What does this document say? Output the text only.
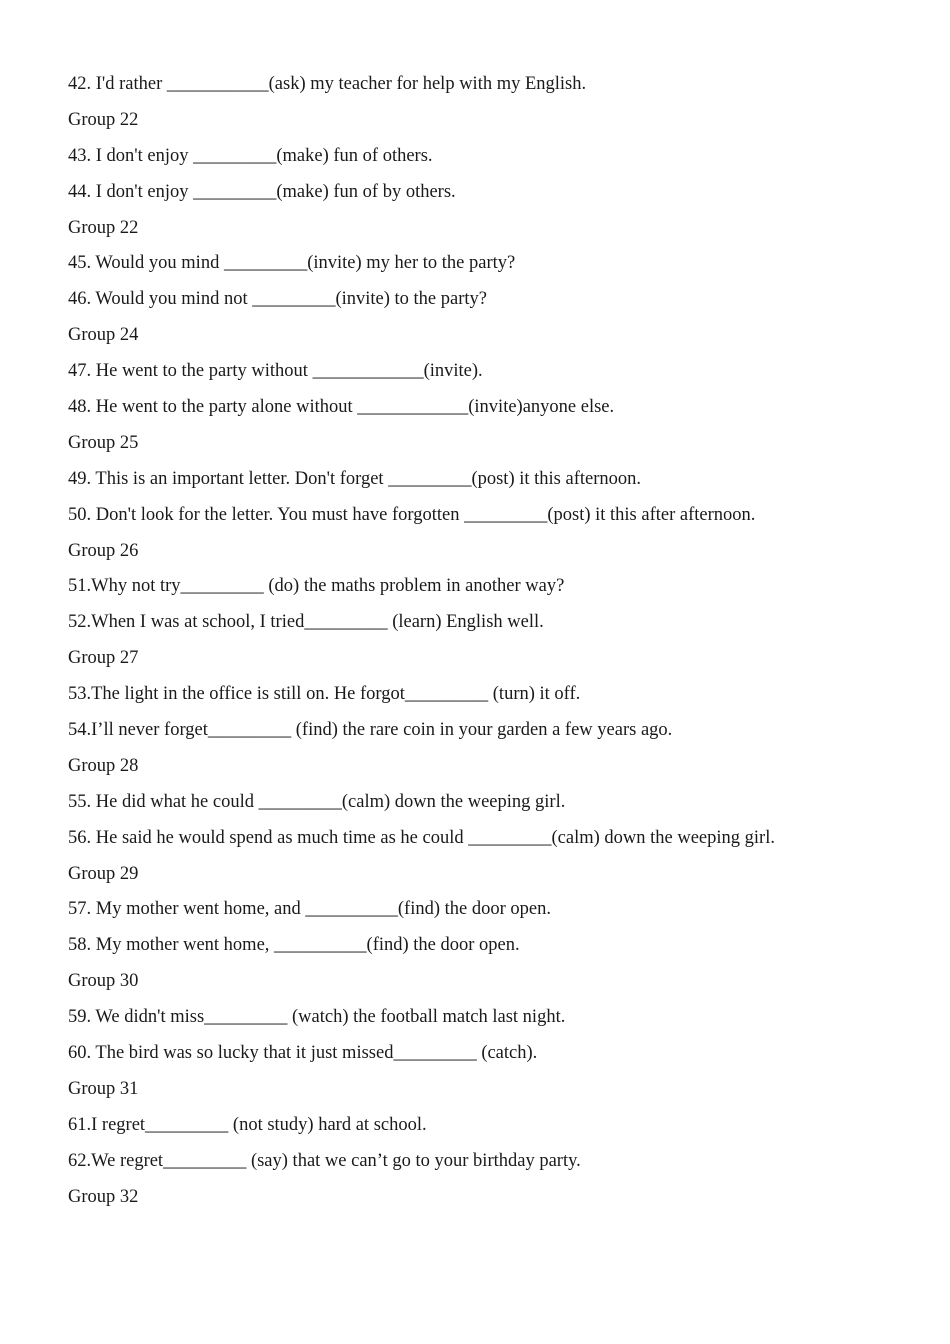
42. I'd rather ___________(ask) my teacher for help with my English.
Group 22
43. I don't enjoy _________(make) fun of others.
44. I don't enjoy _________(make) fun of by others.
Group 22
45. Would you mind _________(invite) my her to the party?
46. Would you mind not _________(invite) to the party?
Group 24
47. He went to the party without ____________(invite).
48. He went to the party alone without ____________(invite)anyone else.
Group 25
49. This is an important letter. Don't forget _________(post) it this afternoon.
50. Don't look for the letter. You must have forgotten _________(post) it this after afternoon.
Group 26
51.Why not try_________ (do) the maths problem in another way?
52.When I was at school, I tried_________ (learn) English well.
Group 27
53.The light in the office is still on. He forgot_________ (turn) it off.
54.I’ll never forget_________ (find) the rare coin in your garden a few years ago.
Group 28
55. He did what he could _________(calm) down the weeping girl.
56. He said he would spend as much time as he could _________(calm) down the weeping girl.
Group 29
57. My mother went home, and __________(find) the door open.
58. My mother went home, __________(find) the door open.
Group 30
59. We didn't miss_________ (watch) the football match last night.
60. The bird was so lucky that it just missed_________ (catch).
Group 31
61.I regret_________ (not study) hard at school.
62.We regret_________ (say) that we can’t go to your birthday party.
Group 32
